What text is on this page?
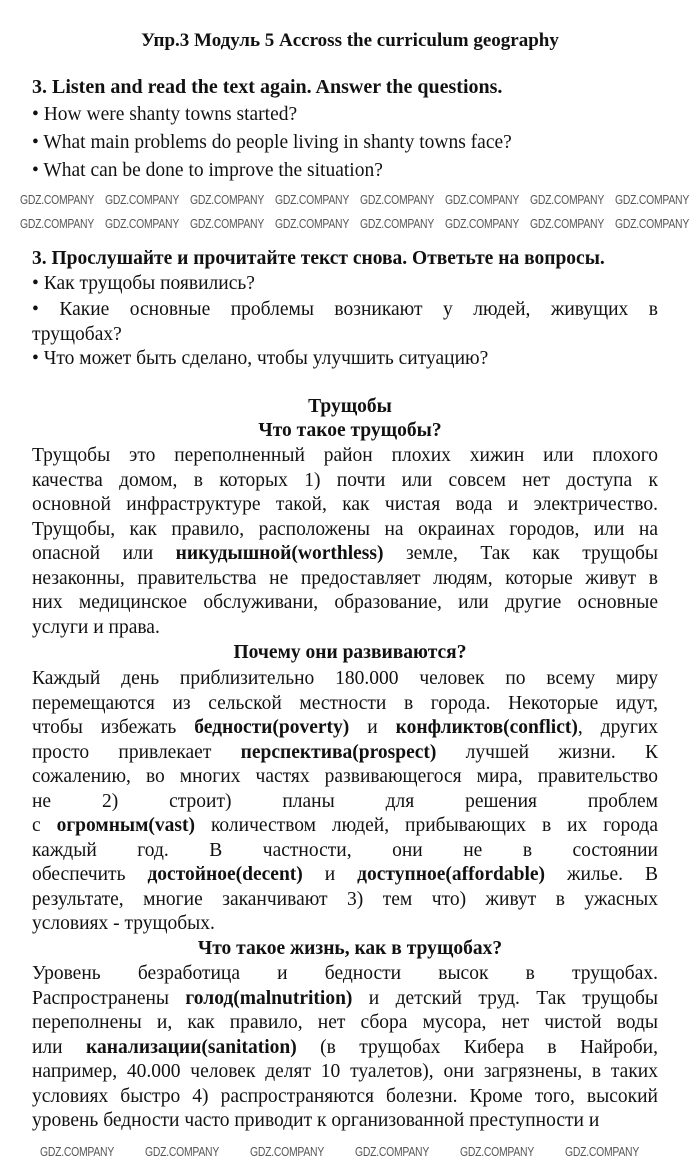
Упр.3 Модуль 5 Accross the curriculum geography
3. Listen and read the text again. Answer the questions.
• How were shanty towns started?
• What main problems do people living in shanty towns face?
• What can be done to improve the situation?
3. Прослушайте и прочитайте текст снова. Ответьте на вопросы.
• Как трущобы появились?
• Какие основные проблемы возникают у людей, живущих в
трущобах?
• Что может быть сделано, чтобы улучшить ситуацию?
Трущобы
Что такое трущобы?
Трущобы это переполненный район плохих хижин или плохого
качества домом, в которых 1) почти или совсем нет доступа к
основной инфраструктуре такой, как чистая вода и электричество.
Трущобы, как правило, расположены на окраинах городов, или на
опасной или никудышной(worthless) земле, Так как трущобы
незаконны, правительства не предоставляет людям, которые живут в
них медицинское обслуживани, образование, или другие основные
услуги и права.
Почему они развиваются?
Каждый день приблизительно 180.000 человек по всему миру
перемещаются из сельской местности в города. Некоторые идут,
чтобы избежать бедности(poverty) и конфликтов(conflict), других
просто привлекает перспектива(prospect) лучшей жизни. К
сожалению, во многих частях развивающегося мира, правительство
не 2) строит) планы для решения проблем
с огромным(vast) количеством людей, прибывающих в их города
каждый год. В частности, они не в состоянии
обеспечить достойное(decent) и доступное(affordable) жилье. В
результате, многие заканчивают 3) тем что) живут в ужасных
условиях - трущобых.
Что такое жизнь, как в трущобах?
Уровень безработица и бедности высок в трущобах.
Распространены голод(malnutrition) и детский труд. Так трущобы
переполнены и, как правило, нет сбора мусора, нет чистой воды
или канализации(sanitation) (в трущобах Кибера в Найроби,
например, 40.000 человек делят 10 туалетов), они загрязнены, в таких
условиях быстро 4) распространяются болезни. Кроме того, высокий
уровень бедности часто приводит к организованной преступности и
GDZ.COMPANY GDZ.COMPANY GDZ.COMPANY GDZ.COMPANY GDZ.COMPANY GDZ.COMPANY GDZ.COMPANY GDZ.COMPANY
GDZ.COMPANY GDZ.COMPANY GDZ.COMPANY GDZ.COMPANY GDZ.COMPANY GDZ.COMPANY GDZ.COMPANY GDZ.COMPANY
GDZ.COMPANY GDZ.COMPANY GDZ.COMPANY GDZ.COMPANY GDZ.COMPANY GDZ.COMPANY
